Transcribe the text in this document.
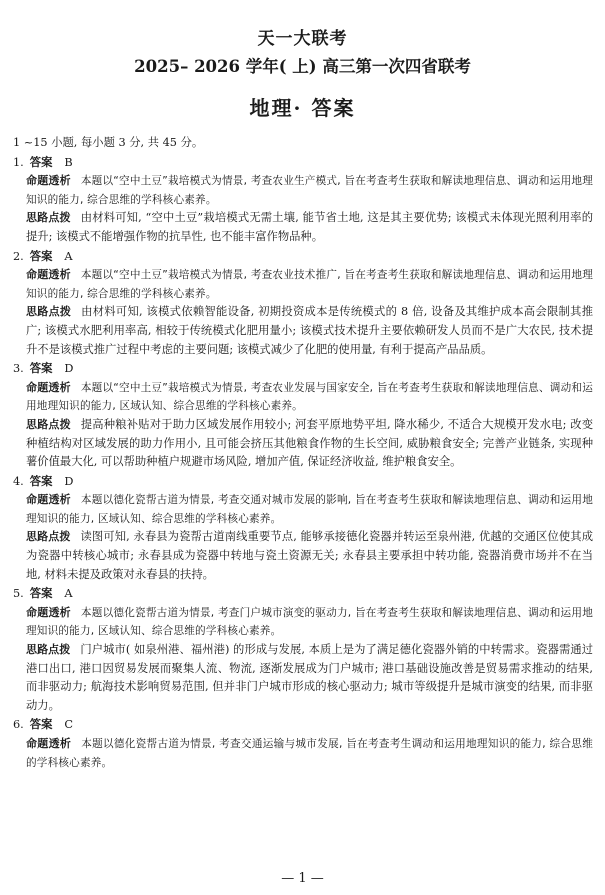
天一大联考
2025– 2026 学年( 上) 高三第一次四省联考
地理· 答案

1 ~15 小题, 每小题 3 分, 共 45 分。

1. 答案 B

命题透析 本题以“空中土豆”栽培模式为情景, 考查农业生产模式, 旨在考查考生获取和解读地理信息、调动和运用地理知识的能力, 综合思维的学科核心素养。

思路点拨 由材料可知, “空中土豆”栽培模式无需土壤, 能节省土地, 这是其主要优势; 该模式未体现光照利用率的提升; 该模式不能增强作物的抗旱性, 也不能丰富作物品种。

2. 答案 A

命题透析 本题以“空中土豆”栽培模式为情景, 考查农业技术推广, 旨在考查考生获取和解读地理信息、调动和运用地理知识的能力, 综合思维的学科核心素养。

思路点拨 由材料可知, 该模式依赖智能设备, 初期投资成本是传统模式的 8 倍, 设备及其维护成本高会限制其推广; 该模式水肥利用率高, 相较于传统模式化肥用量小; 该模式技术提升主要依赖研发人员而不是广大农民, 技术提升不是该模式推广过程中考虑的主要问题; 该模式减少了化肥的使用量, 有利于提高产品品质。

3. 答案 D

命题透析 本题以“空中土豆”栽培模式为情景, 考查农业发展与国家安全, 旨在考查考生获取和解读地理信息、调动和运用地理知识的能力, 区域认知、综合思维的学科核心素养。

思路点拨 提高种粮补贴对于助力区域发展作用较小; 河套平原地势平坦, 降水稀少, 不适合大规模开发水电; 改变种植结构对区域发展的助力作用小, 且可能会挤压其他粮食作物的生长空间, 威胁粮食安全; 完善产业链条, 实现种薯价值最大化, 可以帮助种植户规避市场风险, 增加产值, 保证经济收益, 维护粮食安全。

4. 答案 D

命题透析 本题以德化瓷帮古道为情景, 考查交通对城市发展的影响, 旨在考查考生获取和解读地理信息、调动和运用地理知识的能力, 区域认知、综合思维的学科核心素养。

思路点拨 读图可知, 永春县为瓷帮古道南线重要节点, 能够承接德化瓷器并转运至泉州港, 优越的交通区位使其成为瓷器中转核心城市; 永春县成为瓷器中转地与瓷土资源无关; 永春县主要承担中转功能, 瓷器消费市场并不在当地, 材料未提及政策对永春县的扶持。

5. 答案 A

命题透析 本题以德化瓷帮古道为情景, 考查门户城市演变的驱动力, 旨在考查考生获取和解读地理信息、调动和运用地理知识的能力, 区域认知、综合思维的学科核心素养。

思路点拨 门户城市( 如泉州港、福州港) 的形成与发展, 本质上是为了满足德化瓷器外销的中转需求。瓷器需通过港口出口, 港口因贸易发展而聚集人流、物流, 逐渐发展成为门户城市; 港口基础设施改善是贸易需求推动的结果, 而非驱动力; 航海技术影响贸易范围, 但并非门户城市形成的核心驱动力; 城市等级提升是城市演变的结果, 而非驱动力。

6. 答案 C

命题透析 本题以德化瓷帮古道为情景, 考查交通运输与城市发展, 旨在考查考生调动和运用地理知识的能力, 综合思维的学科核心素养。

— 1 —
